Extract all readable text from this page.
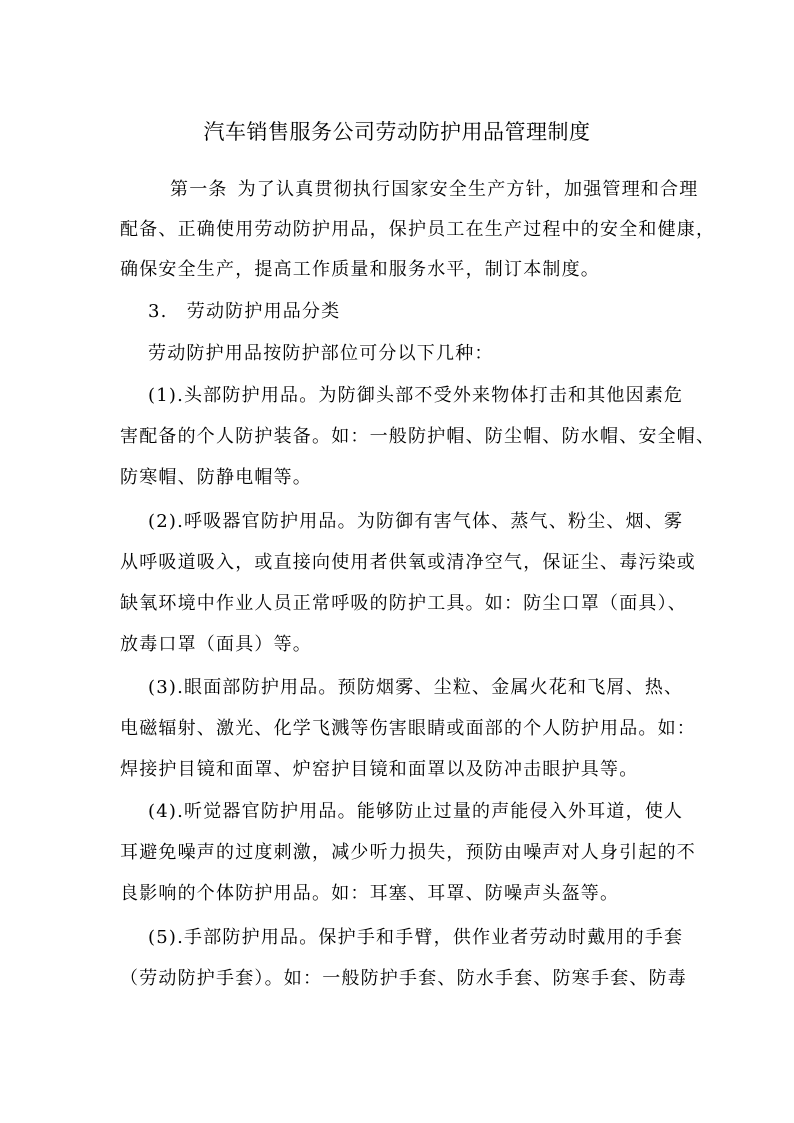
汽车销售服务公司劳动防护用品管理制度
第一条 为了认真贯彻执行国家安全生产方针，加强管理和合理
配备、正确使用劳动防护用品，保护员工在生产过程中的安全和健康，
确保安全生产，提高工作质量和服务水平，制订本制度。
3.　劳动防护用品分类
劳动防护用品按防护部位可分以下几种：
(1).头部防护用品。为防御头部不受外来物体打击和其他因素危
害配备的个人防护装备。如：一般防护帽、防尘帽、防水帽、安全帽、
防寒帽、防静电帽等。
(2).呼吸器官防护用品。为防御有害气体、蒸气、粉尘、烟、雾
从呼吸道吸入，或直接向使用者供氧或清净空气，保证尘、毒污染或
缺氧环境中作业人员正常呼吸的防护工具。如：防尘口罩（面具）、
放毒口罩（面具）等。
(3).眼面部防护用品。预防烟雾、尘粒、金属火花和飞屑、热、
电磁辐射、激光、化学飞溅等伤害眼睛或面部的个人防护用品。如：
焊接护目镜和面罩、炉窑护目镜和面罩以及防冲击眼护具等。
(4).听觉器官防护用品。能够防止过量的声能侵入外耳道，使人
耳避免噪声的过度刺激，减少听力损失，预防由噪声对人身引起的不
良影响的个体防护用品。如：耳塞、耳罩、防噪声头盔等。
(5).手部防护用品。保护手和手臂，供作业者劳动时戴用的手套
（劳动防护手套）。如：一般防护手套、防水手套、防寒手套、防毒
